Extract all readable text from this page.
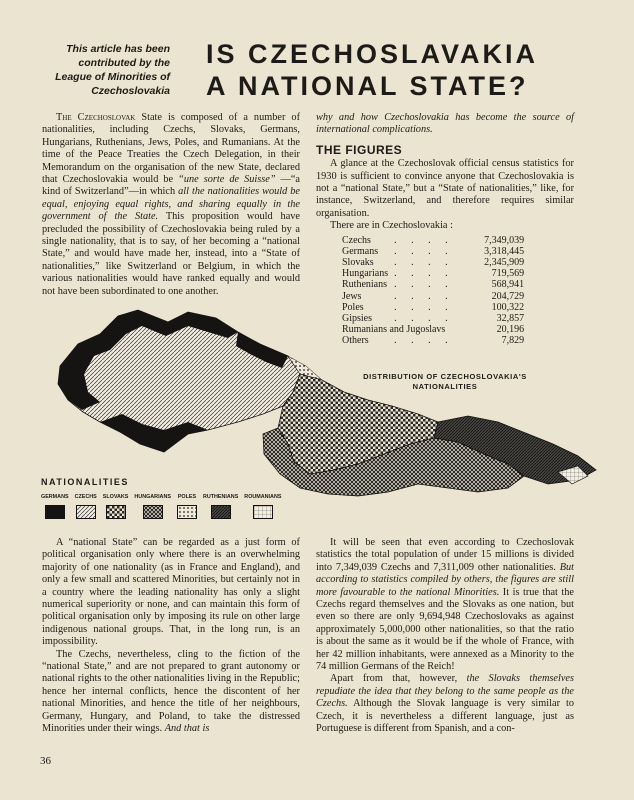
This article has been contributed by the League of Minorities of Czechoslovakia
IS CZECHOSLAVAKIA
A NATIONAL STATE?

The Czechoslovak State is composed of a number of nationalities, including Czechs, Slovaks, Germans, Hungarians, Ruthenians, Jews, Poles, and Rumanians. At the time of the Peace Treaties the Czech Delegation, in their Memorandum on the organisation of the new State, declared that Czechoslovakia would be “une sorte de Suisse” —“a kind of Switzerland”—in which all the nationalities would be equal, enjoying equal rights, and sharing equally in the government of the State. This proposition would have precluded the possibility of Czechoslovakia being ruled by a single nationality, that is to say, of her becoming a “national State,” and would have made her, instead, into a “State of nationalities,” like Switzerland or Belgium, in which the various nationalities would have ranked equally and would not have been subordinated to one another.

why and how Czechoslovakia has become the source of international complications.

THE FIGURES

A glance at the Czechoslovak official census statistics for 1930 is sufficient to convince anyone that Czechoslovakia is not a “national State,” but a “State of nationalities,” like, for instance, Switzerland, and therefore requires similar organisation.

There are in Czechoslovakia :

Czechs	. . . .	7,349,039
Germans	. . . .	3,318,445
Slovaks	. . . .	2,345,909
Hungarians	. . . .	719,569
Ruthenians	. . . .	568,941
Jews	. . . .	204,729
Poles	. . . .	100,322
Gipsies	. . . .	32,857
Rumanians and Jugoslavs		20,196
Others	. . . .	7,829
DISTRIBUTION OF CZECHOSLOVAKIA'S NATIONALITIES
NATIONALITIES
GERMANS CZECHS SLOVAKS HUNGARIANS POLES RUTHENIANS ROUMANIANS

A “national State” can be regarded as a just form of political organisation only where there is an overwhelming majority of one nationality (as in France and England), and only a few small and scattered Minorities, but certainly not in a country where the leading nationality has only a slight numerical superiority or none, and can maintain this form of political organisation only by imposing its rule on other large indigenous national groups. That, in the long run, is an impossibility.

The Czechs, nevertheless, cling to the fiction of the “national State,” and are not prepared to grant autonomy or national rights to the other nationalities living in the Republic; hence her internal conflicts, hence the discontent of her national Minorities, and hence the title of her neighbours, Germany, Hungary, and Poland, to take the distressed Minorities under their wings. And that is

It will be seen that even according to Czechoslovak statistics the total population of under 15 millions is divided into 7,349,039 Czechs and 7,311,009 other nationalities. But according to statistics compiled by others, the figures are still more favourable to the national Minorities. It is true that the Czechs regard themselves and the Slovaks as one nation, but even so there are only 9,694,948 Czechoslovaks as against approximately 5,000,000 other nationalities, so that the ratio is about the same as it would be if the whole of France, with her 42 million inhabitants, were annexed as a Minority to the 74 million Germans of the Reich!

Apart from that, however, the Slovaks themselves repudiate the idea that they belong to the same people as the Czechs. Although the Slovak language is very similar to Czech, it is nevertheless a different language, just as Portuguese is different from Spanish, and a con-

36
